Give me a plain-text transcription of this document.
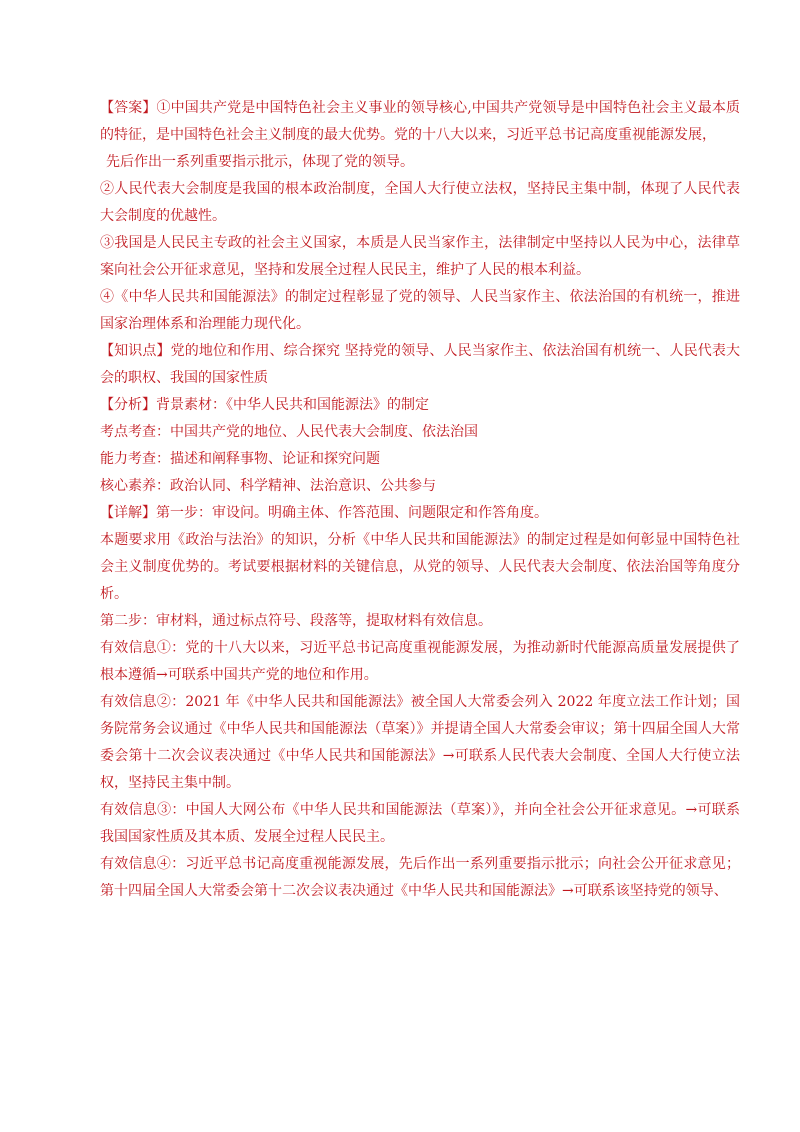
【答案】①中国共产党是中国特色社会主义事业的领导核心,中国共产党领导是中国特色社会主义最本质的特征，是中国特色社会主义制度的最大优势。党的十八大以来，习近平总书记高度重视能源发展，

先后作出一系列重要指示批示，体现了党的领导。

②人民代表大会制度是我国的根本政治制度，全国人大行使立法权，坚持民主集中制，体现了人民代表大会制度的优越性。

③我国是人民民主专政的社会主义国家，本质是人民当家作主，法律制定中坚持以人民为中心，法律草案向社会公开征求意见，坚持和发展全过程人民民主，维护了人民的根本利益。

④《中华人民共和国能源法》的制定过程彰显了党的领导、人民当家作主、依法治国的有机统一，推进国家治理体系和治理能力现代化。

【知识点】党的地位和作用、综合探究 坚持党的领导、人民当家作主、依法治国有机统一、人民代表大会的职权、我国的国家性质

【分析】背景素材：《中华人民共和国能源法》的制定

考点考查：中国共产党的地位、人民代表大会制度、依法治国

能力考查：描述和阐释事物、论证和探究问题

核心素养：政治认同、科学精神、法治意识、公共参与

【详解】第一步：审设问。明确主体、作答范围、问题限定和作答角度。

本题要求用《政治与法治》的知识，分析《中华人民共和国能源法》的制定过程是如何彰显中国特色社会主义制度优势的。考试要根据材料的关键信息，从党的领导、人民代表大会制度、依法治国等角度分析。

第二步：审材料，通过标点符号、段落等，提取材料有效信息。

有效信息①：党的十八大以来，习近平总书记高度重视能源发展，为推动新时代能源高质量发展提供了根本遵循→可联系中国共产党的地位和作用。

有效信息②：2021 年《中华人民共和国能源法》被全国人大常委会列入 2022 年度立法工作计划；国务院常务会议通过《中华人民共和国能源法（草案）》并提请全国人大常委会审议；第十四届全国人大常委会第十二次会议表决通过《中华人民共和国能源法》→可联系人民代表大会制度、全国人大行使立法权，坚持民主集中制。

有效信息③：中国人大网公布《中华人民共和国能源法（草案）》，并向全社会公开征求意见。→可联系我国国家性质及其本质、发展全过程人民民主。

有效信息④：习近平总书记高度重视能源发展，先后作出一系列重要指示批示；向社会公开征求意见；第十四届全国人大常委会第十二次会议表决通过《中华人民共和国能源法》→可联系该坚持党的领导、
